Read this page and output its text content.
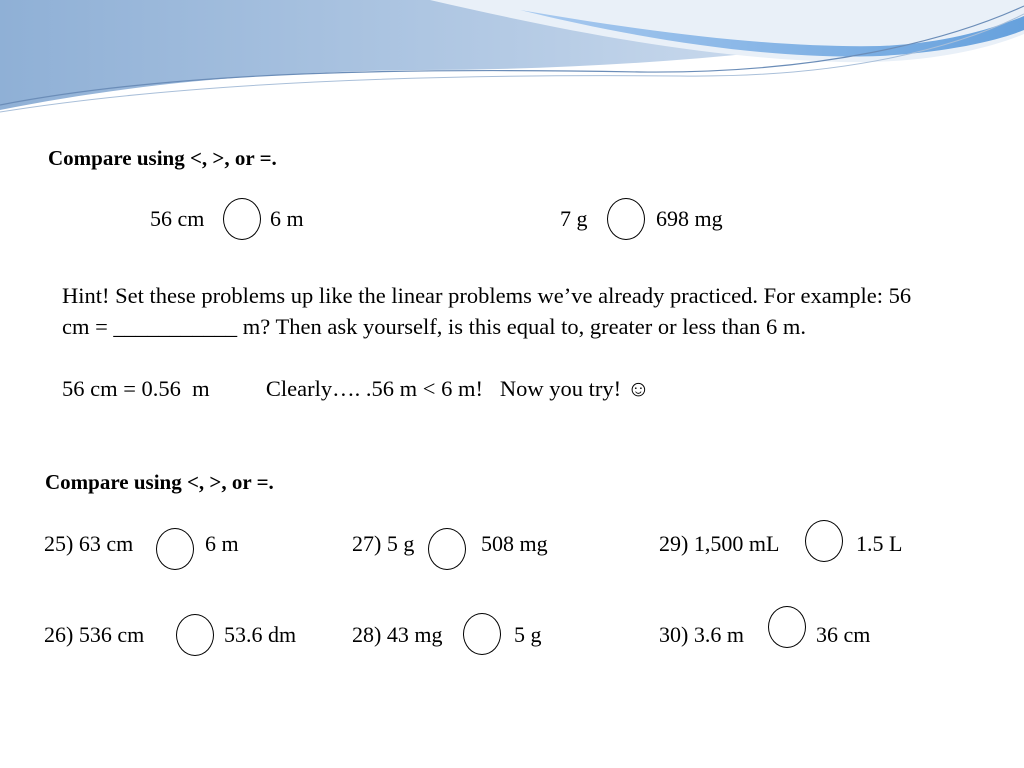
Compare using <, >, or =.
56 cm	6 m	7 g	698 mg

Hint! Set these problems up like the linear problems we’ve already practiced. For example: 56 cm = ___________ m? Then ask yourself, is this equal to, greater or less than 6 m.

56 cm = 0.56  m          Clearly…. .56 m < 6 m!   Now you try! ☺

Compare using <, >, or =.
25) 63 cm	6 m	27) 5 g	508 mg	29) 1,500 mL	1.5 L
26) 536 cm	53.6 dm	28) 43 mg	5 g	30) 3.6 m	36 cm
